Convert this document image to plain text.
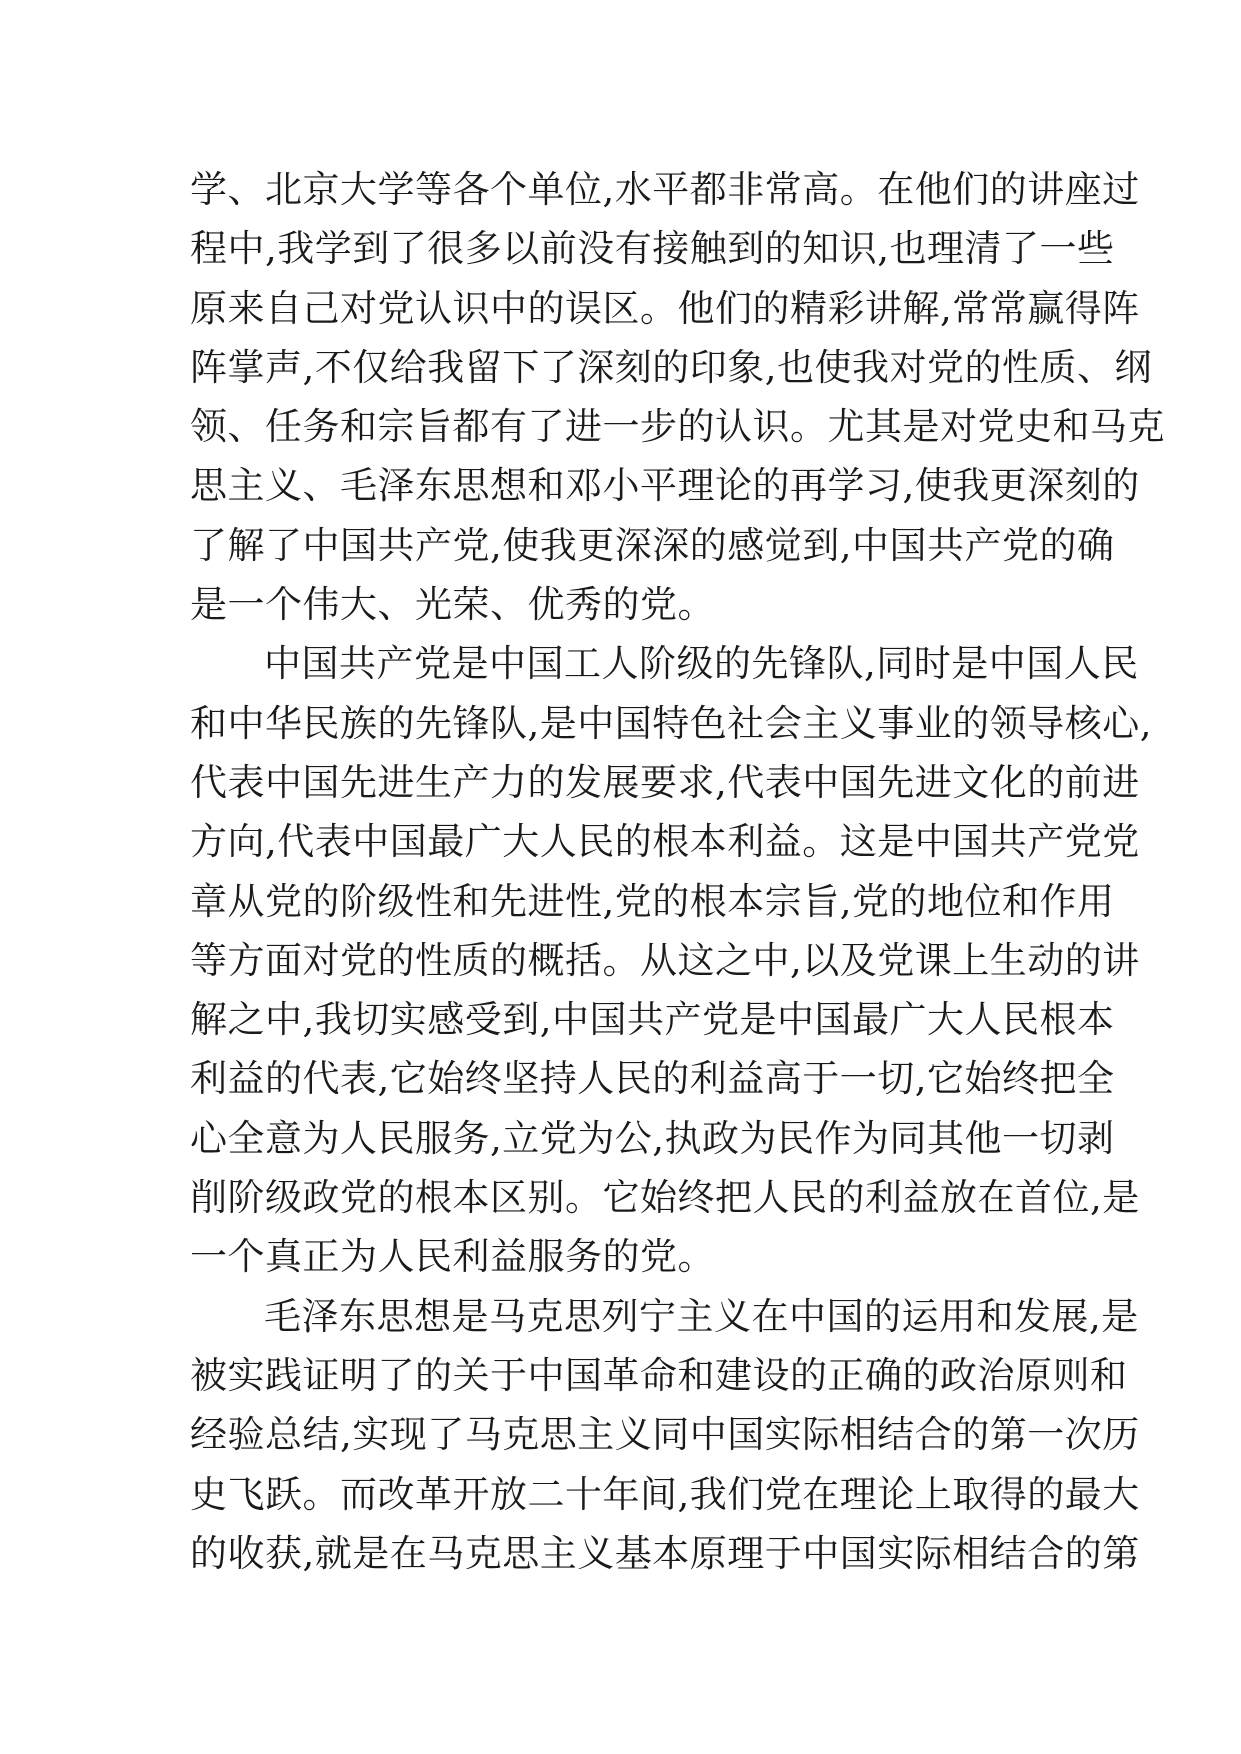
学、北京大学等各个单位,水平都非常高。在他们的讲座过
程中,我学到了很多以前没有接触到的知识,也理清了一些
原来自己对党认识中的误区。他们的精彩讲解,常常赢得阵
阵掌声,不仅给我留下了深刻的印象,也使我对党的性质、纲
领、任务和宗旨都有了进一步的认识。尤其是对党史和马克
思主义、毛泽东思想和邓小平理论的再学习,使我更深刻的
了解了中国共产党,使我更深深的感觉到,中国共产党的确
是一个伟大、光荣、优秀的党。
中国共产党是中国工人阶级的先锋队,同时是中国人民
和中华民族的先锋队,是中国特色社会主义事业的领导核心,
代表中国先进生产力的发展要求,代表中国先进文化的前进
方向,代表中国最广大人民的根本利益。这是中国共产党党
章从党的阶级性和先进性,党的根本宗旨,党的地位和作用
等方面对党的性质的概括。从这之中,以及党课上生动的讲
解之中,我切实感受到,中国共产党是中国最广大人民根本
利益的代表,它始终坚持人民的利益高于一切,它始终把全
心全意为人民服务,立党为公,执政为民作为同其他一切剥
削阶级政党的根本区别。它始终把人民的利益放在首位,是
一个真正为人民利益服务的党。
毛泽东思想是马克思列宁主义在中国的运用和发展,是
被实践证明了的关于中国革命和建设的正确的政治原则和
经验总结,实现了马克思主义同中国实际相结合的第一次历
史飞跃。而改革开放二十年间,我们党在理论上取得的最大
的收获,就是在马克思主义基本原理于中国实际相结合的第
